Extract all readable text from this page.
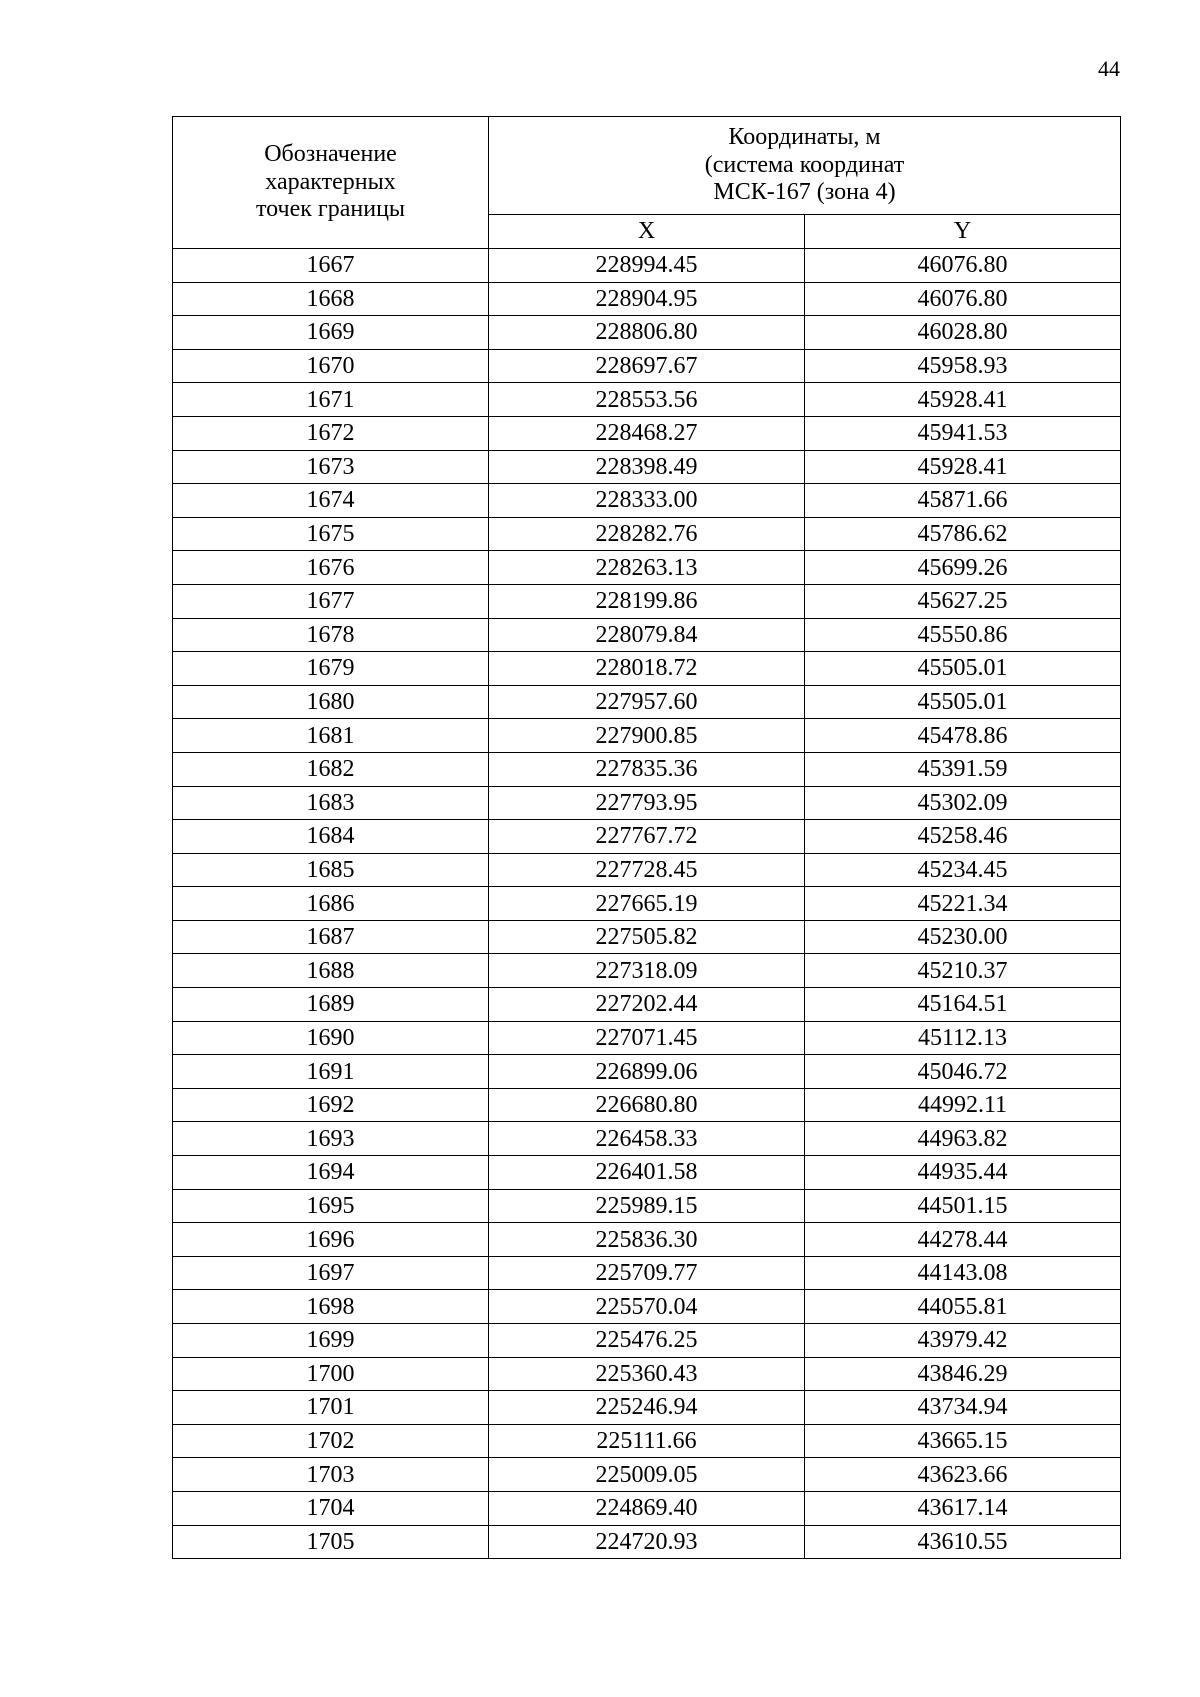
44
Обозначение
характерных
точек границы	Координаты, м
(система координат
МСК-167 (зона 4)	

	X	Y
1667	228994.45	46076.80
1668	228904.95	46076.80
1669	228806.80	46028.80
1670	228697.67	45958.93
1671	228553.56	45928.41
1672	228468.27	45941.53
1673	228398.49	45928.41
1674	228333.00	45871.66
1675	228282.76	45786.62
1676	228263.13	45699.26
1677	228199.86	45627.25
1678	228079.84	45550.86
1679	228018.72	45505.01
1680	227957.60	45505.01
1681	227900.85	45478.86
1682	227835.36	45391.59
1683	227793.95	45302.09
1684	227767.72	45258.46
1685	227728.45	45234.45
1686	227665.19	45221.34
1687	227505.82	45230.00
1688	227318.09	45210.37
1689	227202.44	45164.51
1690	227071.45	45112.13
1691	226899.06	45046.72
1692	226680.80	44992.11
1693	226458.33	44963.82
1694	226401.58	44935.44
1695	225989.15	44501.15
1696	225836.30	44278.44
1697	225709.77	44143.08
1698	225570.04	44055.81
1699	225476.25	43979.42
1700	225360.43	43846.29
1701	225246.94	43734.94
1702	225111.66	43665.15
1703	225009.05	43623.66
1704	224869.40	43617.14
1705	224720.93	43610.55
